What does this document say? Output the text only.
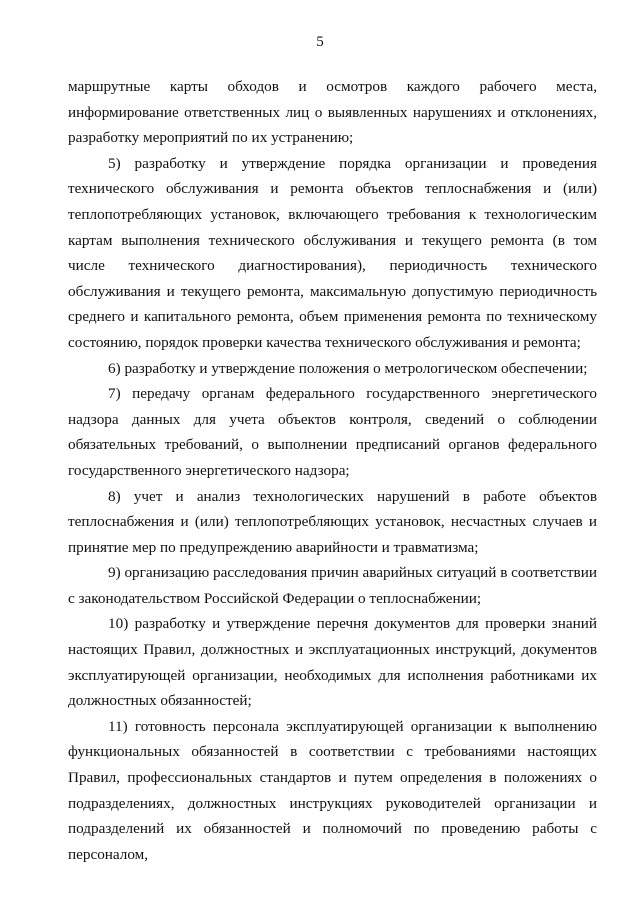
5

маршрутные карты обходов и осмотров каждого рабочего места, информирование ответственных лиц о выявленных нарушениях и отклонениях, разработку мероприятий по их устранению;

5) разработку и утверждение порядка организации и проведения технического обслуживания и ремонта объектов теплоснабжения и (или) теплопотребляющих установок, включающего требования к технологическим картам выполнения технического обслуживания и текущего ремонта (в том числе технического диагностирования), периодичность технического обслуживания и текущего ремонта, максимальную допустимую периодичность среднего и капитального ремонта, объем применения ремонта по техническому состоянию, порядок проверки качества технического обслуживания и ремонта;

6) разработку и утверждение положения о метрологическом обеспечении;

7) передачу органам федерального государственного энергетического надзора данных для учета объектов контроля, сведений о соблюдении обязательных требований, о выполнении предписаний органов федерального государственного энергетического надзора;

8) учет и анализ технологических нарушений в работе объектов теплоснабжения и (или) теплопотребляющих установок, несчастных случаев и принятие мер по предупреждению аварийности и травматизма;

9) организацию расследования причин аварийных ситуаций в соответствии с законодательством Российской Федерации о теплоснабжении;

10) разработку и утверждение перечня документов для проверки знаний настоящих Правил, должностных и эксплуатационных инструкций, документов эксплуатирующей организации, необходимых для исполнения работниками их должностных обязанностей;

11) готовность персонала эксплуатирующей организации к выполнению функциональных обязанностей в соответствии с требованиями настоящих Правил, профессиональных стандартов и путем определения в положениях о подразделениях, должностных инструкциях руководителей организации и подразделений их обязанностей и полномочий по проведению работы с персоналом,
